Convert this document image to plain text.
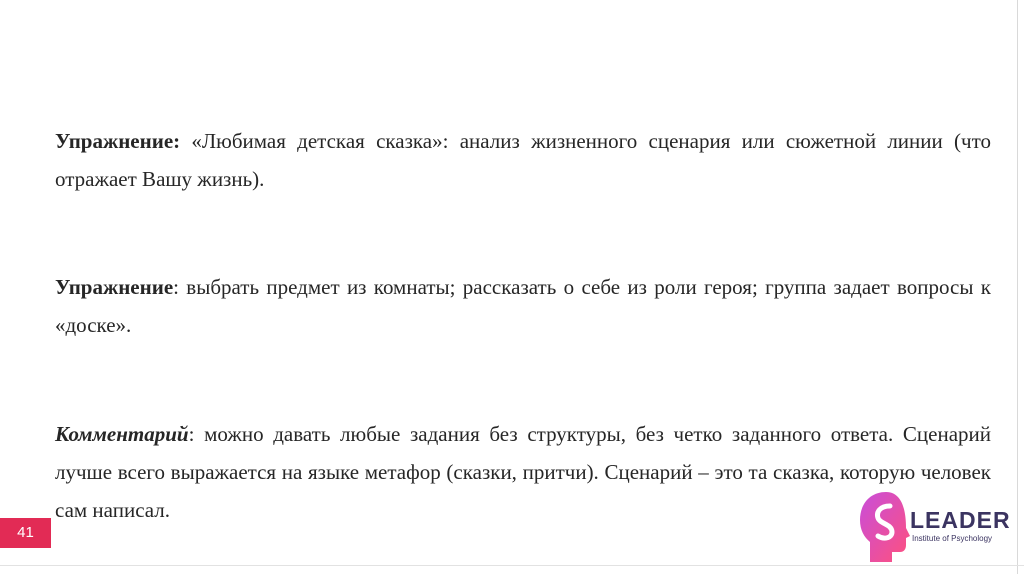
Упражнение: «Любимая детская сказка»: анализ жизненного сценария или сюжетной линии (что отражает Вашу жизнь).
Упражнение: выбрать предмет из комнаты; рассказать о себе из роли героя; группа задает вопросы к «доске».
Комментарий: можно давать любые задания без структуры, без четко заданного ответа. Сценарий лучше всего выражается на языке метафор (сказки, притчи). Сценарий – это та сказка, которую человек сам написал.
41	LEADER
Institute of Psychology
